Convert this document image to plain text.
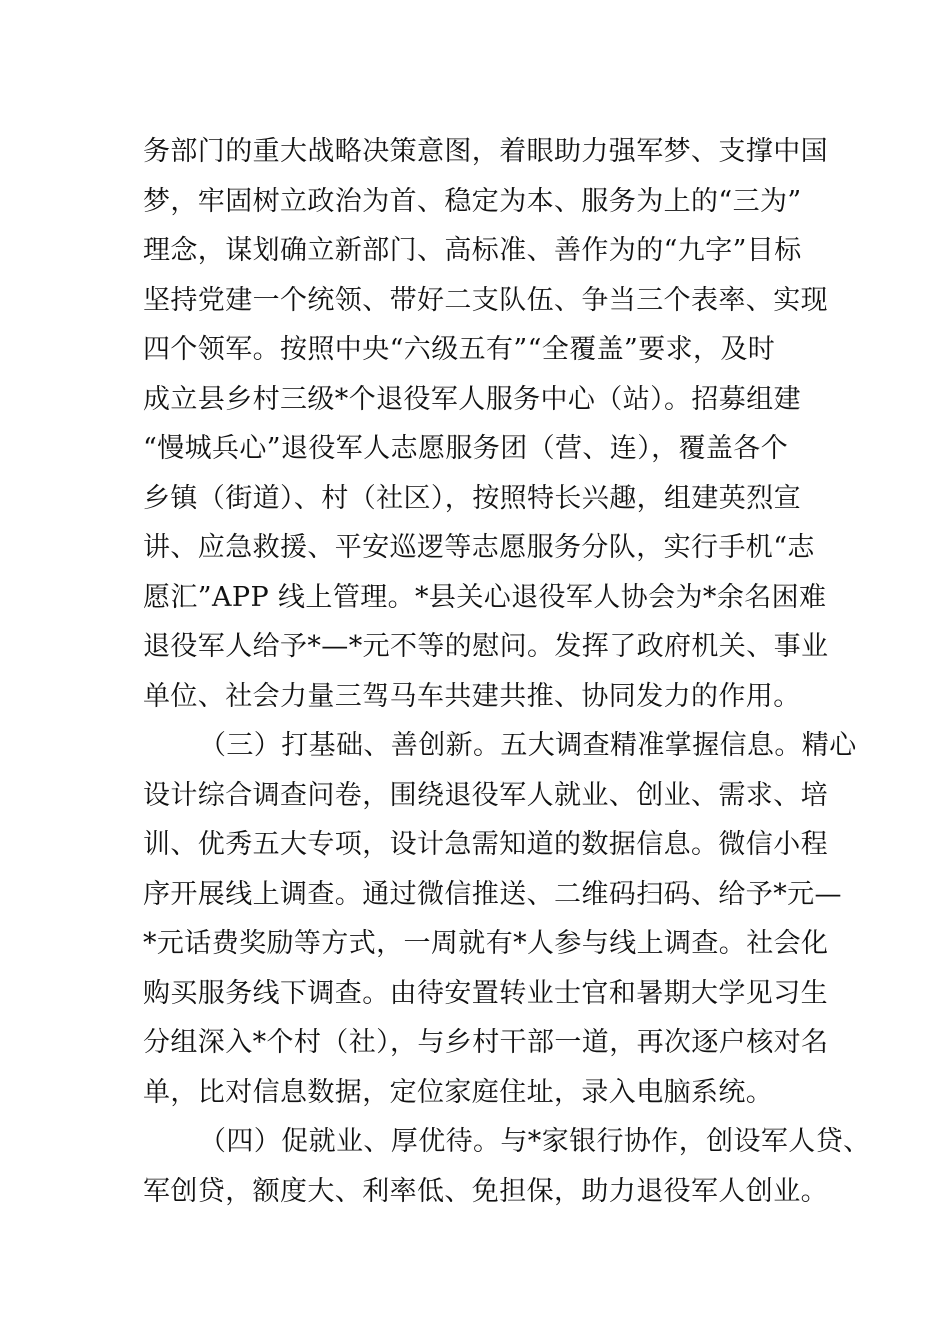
务部门的重大战略决策意图，着眼助力强军梦、支撑中国
梦，牢固树立政治为首、稳定为本、服务为上的“三为”
理念，谋划确立新部门、高标准、善作为的“九字”目标
坚持党建一个统领、带好二支队伍、争当三个表率、实现
四个领军。按照中央“六级五有”“全覆盖”要求，及时
成立县乡村三级*个退役军人服务中心（站）。招募组建
“慢城兵心”退役军人志愿服务团（营、连），覆盖各个
乡镇（街道）、村（社区），按照特长兴趣，组建英烈宣
讲、应急救援、平安巡逻等志愿服务分队，实行手机“志
愿汇”APP 线上管理。*县关心退役军人协会为*余名困难
退役军人给予*—*元不等的慰问。发挥了政府机关、事业
单位、社会力量三驾马车共建共推、协同发力的作用。
（三）打基础、善创新。五大调查精准掌握信息。精心
设计综合调查问卷，围绕退役军人就业、创业、需求、培
训、优秀五大专项，设计急需知道的数据信息。微信小程
序开展线上调查。通过微信推送、二维码扫码、给予*元—
*元话费奖励等方式，一周就有*人参与线上调查。社会化
购买服务线下调查。由待安置转业士官和暑期大学见习生
分组深入*个村（社），与乡村干部一道，再次逐户核对名
单，比对信息数据，定位家庭住址，录入电脑系统。
（四）促就业、厚优待。与*家银行协作，创设军人贷、
军创贷，额度大、利率低、免担保，助力退役军人创业。
